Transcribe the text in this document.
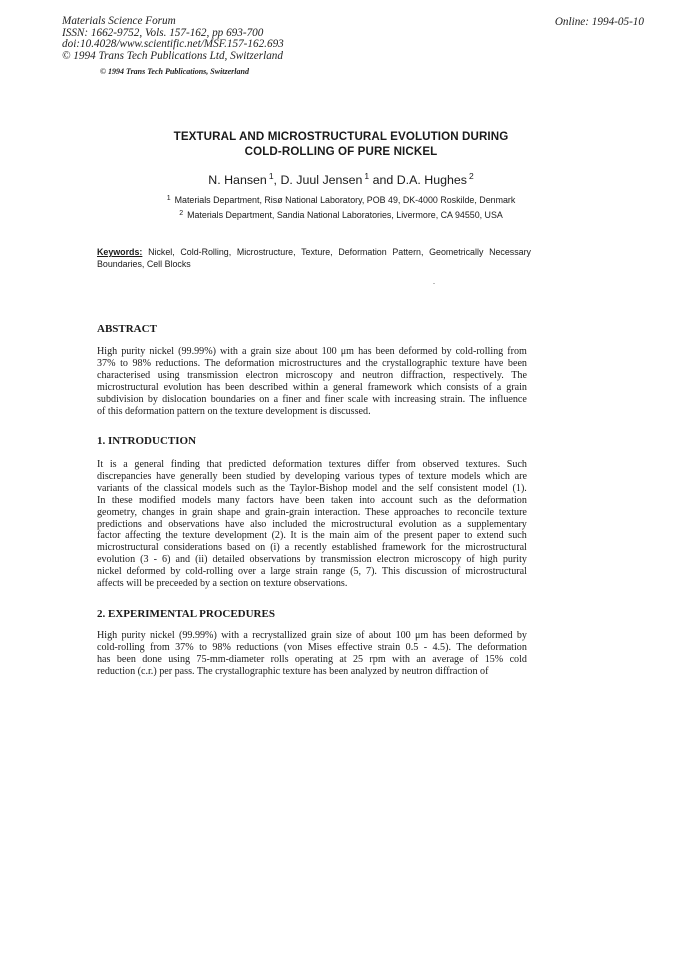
Materials Science Forum
ISSN: 1662-9752, Vols. 157-162, pp 693-700
doi:10.4028/www.scientific.net/MSF.157-162.693
© 1994 Trans Tech Publications Ltd, Switzerland
Online: 1994-05-10
© 1994 Trans Tech Publications, Switzerland
TEXTURAL AND MICROSTRUCTURAL EVOLUTION DURING
COLD-ROLLING OF PURE NICKEL
N. Hansen $^1$, D. Juul Jensen $^1$ and D.A. Hughes $^2$
$^1$ Materials Department, Risø National Laboratory, POB 49, DK-4000 Roskilde, Denmark
$^2$ Materials Department, Sandia National Laboratories, Livermore, CA 94550, USA
Keywords: Nickel, Cold-Rolling, Microstructure, Texture, Deformation Pattern, Geometrically Necessary Boundaries, Cell Blocks
ABSTRACT
High purity nickel (99.99%) with a grain size about 100 μm has been deformed by cold-rolling from
37% to 98% reductions. The deformation microstructures and the crystallographic texture have been
characterised using transmission electron microscopy and neutron diffraction, respectively. The
microstructural evolution has been described within a general framework which consists of a grain
subdivision by dislocation boundaries on a finer and finer scale with increasing strain. The influence
of this deformation pattern on the texture development is discussed.
1. INTRODUCTION
It is a general finding that predicted deformation textures differ from observed textures. Such
discrepancies have generally been studied by developing various types of texture models which are
variants of the classical models such as the Taylor-Bishop model and the self consistent model (1).
In these modified models many factors have been taken into account such as the deformation
geometry, changes in grain shape and grain-grain interaction. These approaches to reconcile texture
predictions and observations have also included the microstructural evolution as a supplementary
factor affecting the texture development (2). It is the main aim of the present paper to extend such
microstructural considerations based on (i) a recently established framework for the microstructural
evolution (3 - 6) and (ii) detailed observations by transmission electron microscopy of high purity
nickel deformed by cold-rolling over a large strain range (5, 7). This discussion of microstructural
affects will be preceeded by a section on texture observations.
2. EXPERIMENTAL PROCEDURES
High purity nickel (99.99%) with a recrystallized grain size of about 100 μm has been deformed by
cold-rolling from 37% to 98% reductions (von Mises effective strain 0.5 - 4.5). The deformation
has been done using 75-mm-diameter rolls operating at 25 rpm with an average of 15% cold
reduction (c.r.) per pass. The crystallographic texture has been analyzed by neutron diffraction of
